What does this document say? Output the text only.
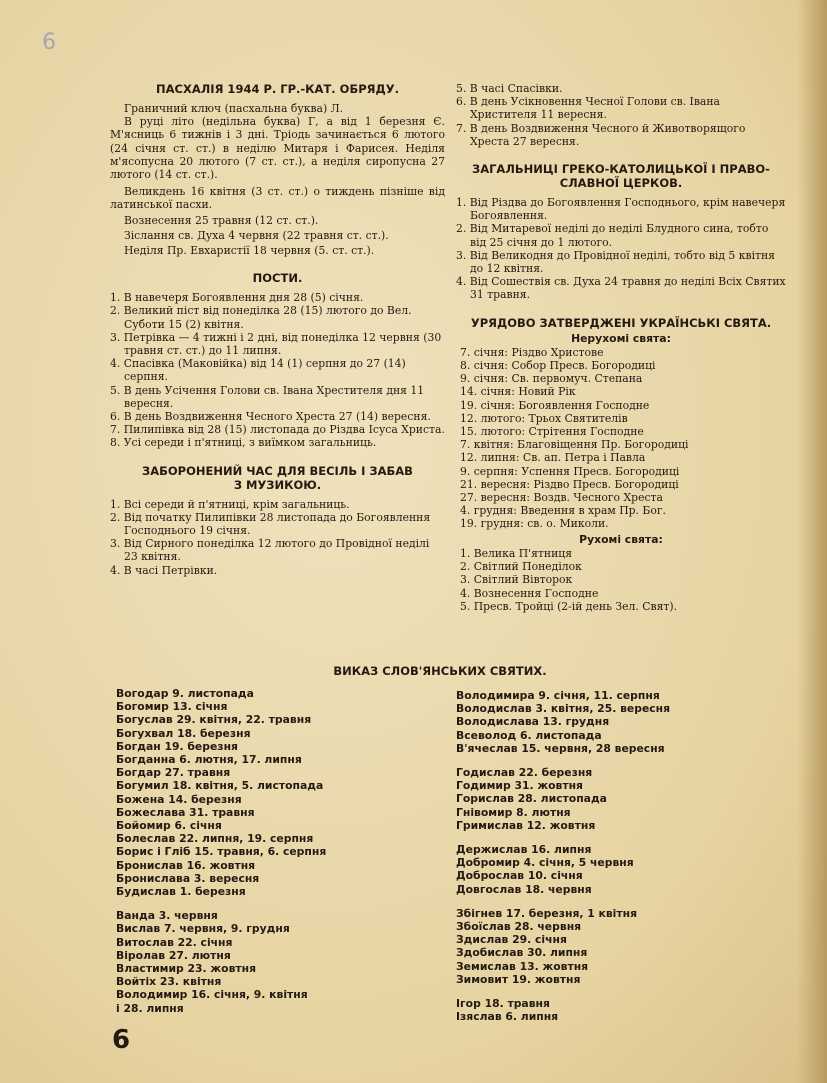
6
ПАСХАЛІЯ 1944 Р. ГР.-КАТ. ОБРЯДУ.

Граничний ключ (пасхальна буква) Л.

В руці літо (недільна буква) Г, а від 1 березня Є. М'ясниць 6 тижнів і 3 дні. Тріодь зачинається 6 лютого (24 січня ст. ст.) в неділю Митаря і Фарисея. Неділя м'ясопусна 20 лютого (7 ст. ст.), а неділя сиропусна 27 лютого (14 ст. ст.).

Великдень 16 квітня (3 ст. ст.) о тиждень пізніше від латинської пасхи.

Вознесення 25 травня (12 ст. ст.).

Зіслання св. Духа 4 червня (22 травня ст. ст.).

Неділя Пр. Евхаристії 18 червня (5. ст. ст.).

ПОСТИ.

1. В навечеря Богоявлення дня 28 (5) січня.

2. Великий піст від понеділка 28 (15) лютого до Вел. Суботи 15 (2) квітня.

3. Петрівка — 4 тижні і 2 дні, від понеділка 12 червня (30 травня ст. ст.) до 11 липня.

4. Спасівка (Маковійка) від 14 (1) серпня до 27 (14) серпня.

5. В день Усічення Голови св. Івана Хрестителя дня 11 вересня.

6. В день Воздвиження Чесного Хреста 27 (14) вересня.

7. Пилипівка від 28 (15) листопада до Різдва Ісуса Христа.

8. Усі середи і п'ятниці, з виїмком загальниць.

ЗАБОРОНЕНИЙ ЧАС ДЛЯ ВЕСІЛЬ І ЗАБАВ
З МУЗИКОЮ.

1. Всі середи й п'ятниці, крім загальниць.

2. Від початку Пилипівки 28 листопада до Богоявлення Господнього 19 січня.

3. Від Сирного понеділка 12 лютого до Провідної неділі 23 квітня.

4. В часі Петрівки.

5. В часі Спасівки.

6. В день Усікновення Чесної Голови св. Івана Христителя 11 вересня.

7. В день Воздвиження Чесного й Животворящого Хреста 27 вересня.

ЗАГАЛЬНИЦІ ГРЕКО-КАТОЛИЦЬКОЇ І ПРАВО-
СЛАВНОЇ ЦЕРКОВ.

1. Від Різдва до Богоявлення Господнього, крім навечеря Богоявлення.

2. Від Митаревої неділі до неділі Блудного сина, тобто від 25 січня до 1 лютого.

3. Від Великодня до Провідної неділі, тобто від 5 квітня до 12 квітня.

4. Від Сошествія св. Духа 24 травня до неділі Всіх Святих 31 травня.

УРЯДОВО ЗАТВЕРДЖЕНІ УКРАЇНСЬКІ СВЯТА.
Нерухомі свята:

7. січня: Різдво Христове

8. січня: Собор Пресв. Богородиці

9. січня: Св. первомуч. Степана

14. січня: Новий Рік

19. січня: Богоявлення Господне

12. лютого: Трьох Святителів

15. лютого: Стрітення Господне

7. квітня: Благовіщення Пр. Богородиці

12. липня: Св. ап. Петра і Павла

9. серпня: Успення Пресв. Богородиці

21. вересня: Різдво Пресв. Богородиці

27. вересня: Воздв. Чесного Хреста

4. грудня: Введення в храм Пр. Бог.

19. грудня: св. о. Миколи.

Рухомі свята:

1. Велика П'ятниця

2. Світлий Понеділок

3. Світлий Вівторок

4. Вознесення Господне

5. Пресв. Тройці (2-ій день Зел. Свят).

ВИКАЗ СЛОВ'ЯНСЬКИХ СВЯТИХ.

Вогодар 9. листопада

Богомир 13. січня

Богуслав 29. квітня, 22. травня

Богухвал 18. березня

Богдан 19. березня

Богданна 6. лютня, 17. липня

Богдар 27. травня

Богумил 18. квітня, 5. листопада

Божена 14. березня

Божеслава 31. травня

Бойомир 6. січня

Болеслав 22. липня, 19. серпня

Борис і Гліб 15. травня, 6. серпня

Бронислав 16. жовтня

Брониславa 3. вересня

Будислав 1. березня

Ванда 3. червня

Вислав 7. червня, 9. грудня

Витослав 22. січня

Віролав 27. лютня

Властимир 23. жовтня

Войтіх 23. квітня

Володимир 16. січня, 9. квітня

і 28. липня

Володимира 9. січня, 11. серпня

Володислав 3. квітня, 25. вересня

Володислава 13. грудня

Всеволод 6. листопада

В'ячеслав 15. червня, 28 вересня

Годислав 22. березня

Годимир 31. жовтня

Горислав 28. листопада

Гнівомир 8. лютня

Гримислав 12. жовтня

Держислав 16. липня

Добромир 4. січня, 5 червня

Доброслав 10. січня

Довгослав 18. червня

Збігнев 17. березня, 1 квітня

Збоїслав 28. червня

Здислав 29. січня

Здобислав 30. липня

Земислав 13. жовтня

Зимовит 19. жовтня

Ігор 18. травня

Ізяслав 6. липня

6
